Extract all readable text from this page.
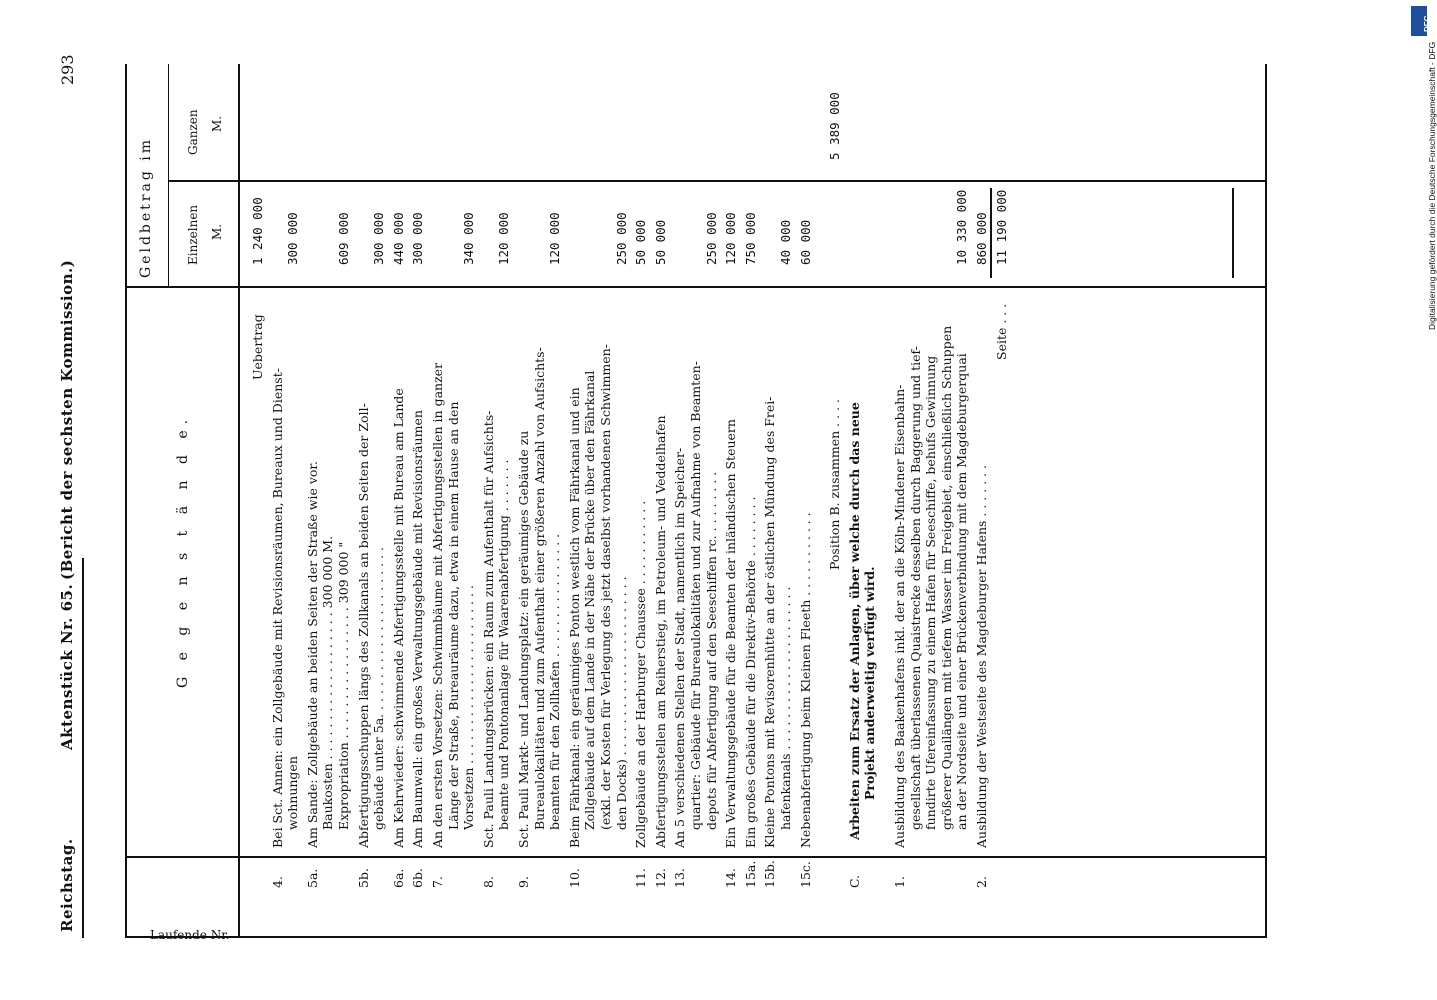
Reichstag.
Aktenstück Nr. 65.
(Bericht der sechsten Kommission.)
293
Laufende Nr.
G e g e n s t ä n d e.
Geldbetrag im	Einzelnen M.
Ganzen M.
Uebertrag
1 240 000
4.
Bei Sct. Annen: ein Zollgebäude mit Revisionsräumen, Bureaux und Dienst- wohnungen
300 000
5a.
Am Sande: Zollgebäude an beiden Seiten der Straße wie vor. Baukosten . . . . . . . . . . . . . . . . . . . 300 000 M. Expropriation . . . . . . . . . . . . . . . . . 309 000 "
609 000
5b.
Abfertigungsschuppen längs des Zollkanals an beiden Seiten der Zoll- gebäude unter 5a. . . . . . . . . . . . . . . . . . . . . .
300 000
6a.
Am Kehrwieder: schwimmende Abfertigungsstelle mit Bureau am Lande
440 000
6b.
Am Baumwall: ein großes Verwaltungsgebäude mit Revisionsräumen
300 000
7.
An den ersten Vorsetzen: Schwimmbäume mit Abfertigungsstellen in ganzer Länge der Straße, Bureauräume dazu, etwa in einem Hause an den Vorsetzen . . . . . . . . . . . . . . . . . . . . . . .
340 000
8.
Sct. Pauli Landungsbrücken: ein Raum zum Aufenthalt für Aufsichts- beamte und Pontonanlage für Waarenabfertigung . . . . . . .
120 000
9.
Sct. Pauli Markt- und Landungsplatz: ein geräumiges Gebäude zu Bureaulokalitäten und zum Aufenthalt einer größeren Anzahl von Aufsichts- beamten für den Zollhafen . . . . . . . . . . . . . . . .
120 000
10.
Beim Fährkanal: ein geräumiges Ponton westlich vom Fährkanal und ein Zollgebäude auf dem Lande in der Nähe der Brücke über den Fährkanal (exkl. der Kosten für Verlegung des jetzt daselbst vorhandenen Schwimmen- den Docks) . . . . . . . . . . . . . . . . . . . . . . .
250 000
11.
Zollgebäude an der Harburger Chaussee . . . . . . . . . . .
50 000
12.
Abfertigungsstellen am Reiherstieg, im Petroleum- und Veddelhafen
50 000
13.
An 5 verschiedenen Stellen der Stadt, namentlich im Speicher- quartier: Gebäude für Bureaulokalitäten und zur Aufnahme von Beamten- depots für Abfertigung auf den Seeschiffen rc. . . . . . . . .
250 000
14.
Ein Verwaltungsgebäude für die Beamten der inländischen Steuern
120 000
15a.
Ein großes Gebäude für die Direktiv-Behörde . . . . . . . .
750 000
15b.
Kleine Pontons mit Revisorenhütte an der östlichen Mündung des Frei- hafenkanals . . . . . . . . . . . . . . . . . . . . .
40 000
15c.
Nebenabfertigung beim Kleinen Fleeth . . . . . . . . . . .
60 000
Position B. zusammen . . . .
5 389 000
C.
Arbeiten zum Ersatz der Anlagen, über welche durch das neue Projekt anderweitig verfügt wird.
1.
Ausbildung des Baakenhafens inkl. der an die Köln-Mindener Eisenbahn- gesellschaft überlassenen Quaistrecke desselben durch Baggerung und tief- fundirte Ufereinfassung zu einem Hafen für Seeschiffe, behufs Gewinnung größerer Quailängen mit tiefem Wasser im Freigebiet, einschließlich Schuppen an der Nordseite und einer Brückenverbindung mit dem Magdeburgerquai
10 330 000
2.
Ausbildung der Westseite des Magdeburger Hafens . . . . . . .
860 000
Seite . . .
11 190 000
DFG
Digitalisierung gefördert durch die Deutsche Forschungsgemeinschaft - DFG
